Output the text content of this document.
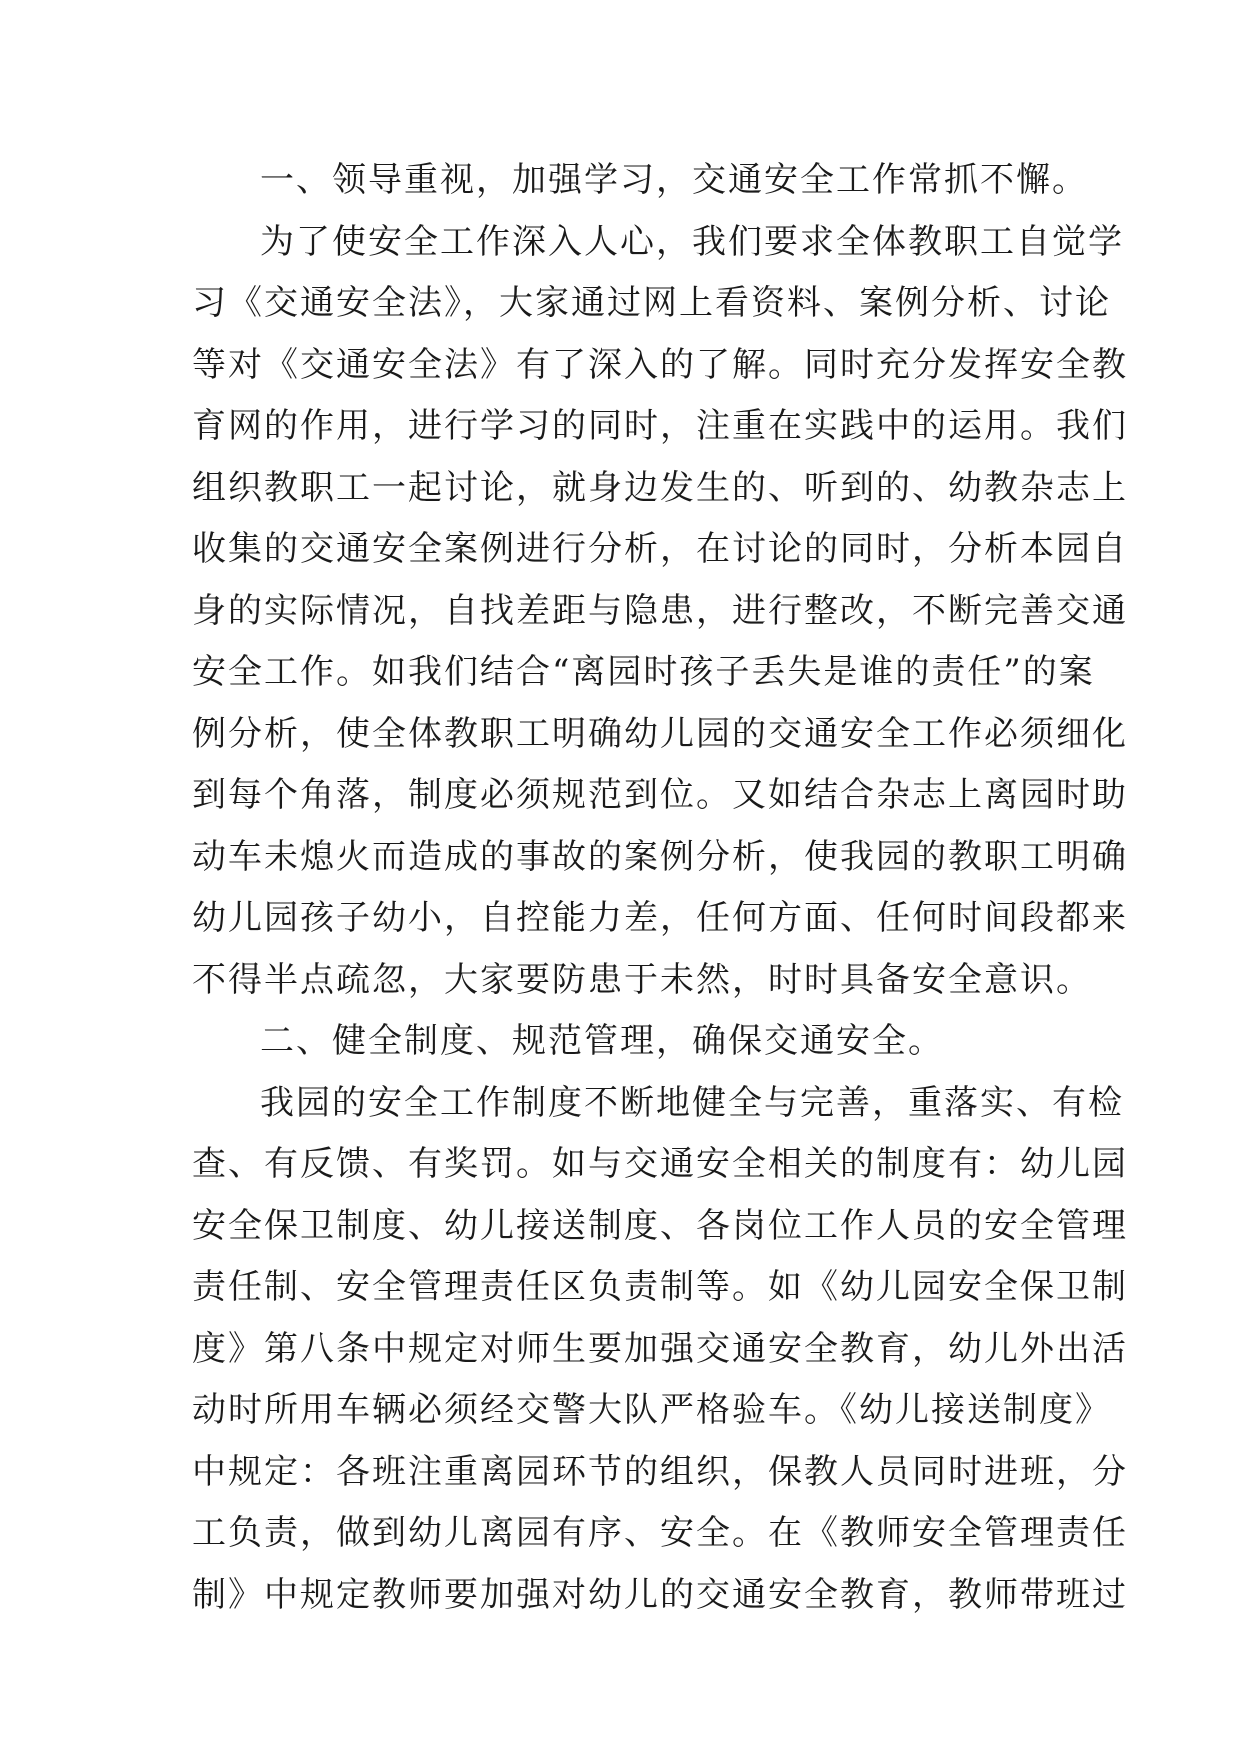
一、领导重视，加强学习，交通安全工作常抓不懈。
为了使安全工作深入人心，我们要求全体教职工自觉学
习《交通安全法》，大家通过网上看资料、案例分析、讨论
等对《交通安全法》有了深入的了解。同时充分发挥安全教
育网的作用，进行学习的同时，注重在实践中的运用。我们
组织教职工一起讨论，就身边发生的、听到的、幼教杂志上
收集的交通安全案例进行分析，在讨论的同时，分析本园自
身的实际情况，自找差距与隐患，进行整改，不断完善交通
安全工作。如我们结合“离园时孩子丢失是谁的责任”的案
例分析，使全体教职工明确幼儿园的交通安全工作必须细化
到每个角落，制度必须规范到位。又如结合杂志上离园时助
动车未熄火而造成的事故的案例分析，使我园的教职工明确
幼儿园孩子幼小，自控能力差，任何方面、任何时间段都来
不得半点疏忽，大家要防患于未然，时时具备安全意识。
二、健全制度、规范管理，确保交通安全。
我园的安全工作制度不断地健全与完善，重落实、有检
查、有反馈、有奖罚。如与交通安全相关的制度有：幼儿园
安全保卫制度、幼儿接送制度、各岗位工作人员的安全管理
责任制、安全管理责任区负责制等。如《幼儿园安全保卫制
度》第八条中规定对师生要加强交通安全教育，幼儿外出活
动时所用车辆必须经交警大队严格验车。《幼儿接送制度》
中规定：各班注重离园环节的组织，保教人员同时进班，分
工负责，做到幼儿离园有序、安全。在《教师安全管理责任
制》中规定教师要加强对幼儿的交通安全教育，教师带班过
